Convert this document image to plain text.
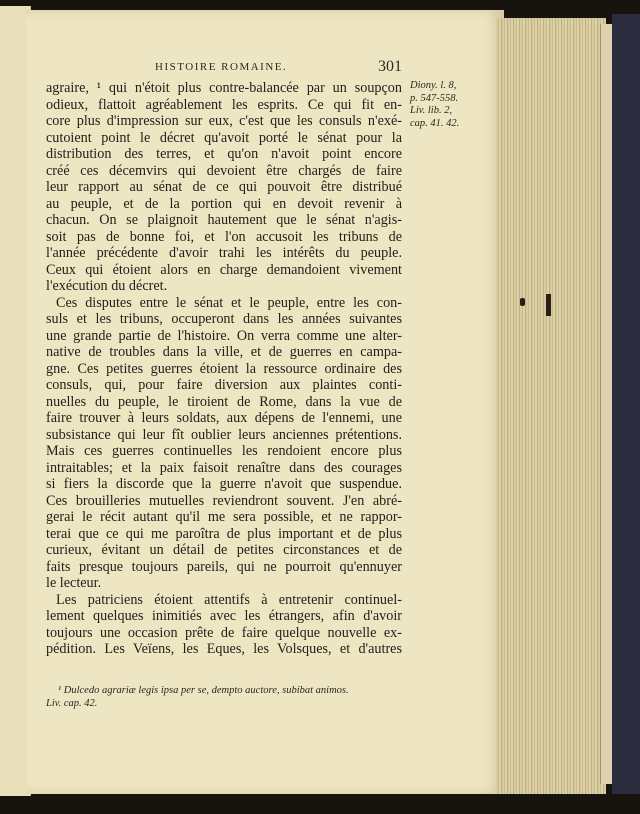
HISTOIRE ROMAINE.	301
agraire, ¹ qui n'étoit plus contre-balancée par un soupçon
odieux, flattoit agréablement les esprits. Ce qui fit en-
core plus d'impression sur eux, c'est que les consuls n'exé-
cutoient point le décret qu'avoit porté le sénat pour la
distribution des terres, et qu'on n'avoit point encore
créé ces décemvirs qui devoient être chargés de faire
leur rapport au sénat de ce qui pouvoit être distribué
au peuple, et de la portion qui en devoit revenir à
chacun. On se plaignoit hautement que le sénat n'agis-
soit pas de bonne foi, et l'on accusoit les tribuns de
l'année précédente d'avoir trahi les intérêts du peuple.
Ceux qui étoient alors en charge demandoient vivement
l'exécution du décret.
Ces disputes entre le sénat et le peuple, entre les con-
suls et les tribuns, occuperont dans les années suivantes
une grande partie de l'histoire. On verra comme une alter-
native de troubles dans la ville, et de guerres en campa-
gne. Ces petites guerres étoient la ressource ordinaire des
consuls, qui, pour faire diversion aux plaintes conti-
nuelles du peuple, le tiroient de Rome, dans la vue de
faire trouver à leurs soldats, aux dépens de l'ennemi, une
subsistance qui leur fît oublier leurs anciennes prétentions.
Mais ces guerres continuelles les rendoient encore plus
intraitables; et la paix faisoit renaître dans des courages
si fiers la discorde que la guerre n'avoit que suspendue.
Ces brouilleries mutuelles reviendront souvent. J'en abré-
gerai le récit autant qu'il me sera possible, et ne rappor-
terai que ce qui me paroîtra de plus important et de plus
curieux, évitant un détail de petites circonstances et de
faits presque toujours pareils, qui ne pourroit qu'ennuyer
le lecteur.
Les patriciens étoient attentifs à entretenir continuel-
lement quelques inimitiés avec les étrangers, afin d'avoir
toujours une occasion prête de faire quelque nouvelle ex-
pédition. Les Veïens, les Eques, les Volsques, et d'autres
Diony. l. 8,
p. 547-558.
Liv. lib. 2,
cap. 41. 42.
¹ Dulcedo agrariæ legis ipsa per se, dempto auctore, subibat animos.
Liv. cap. 42.
